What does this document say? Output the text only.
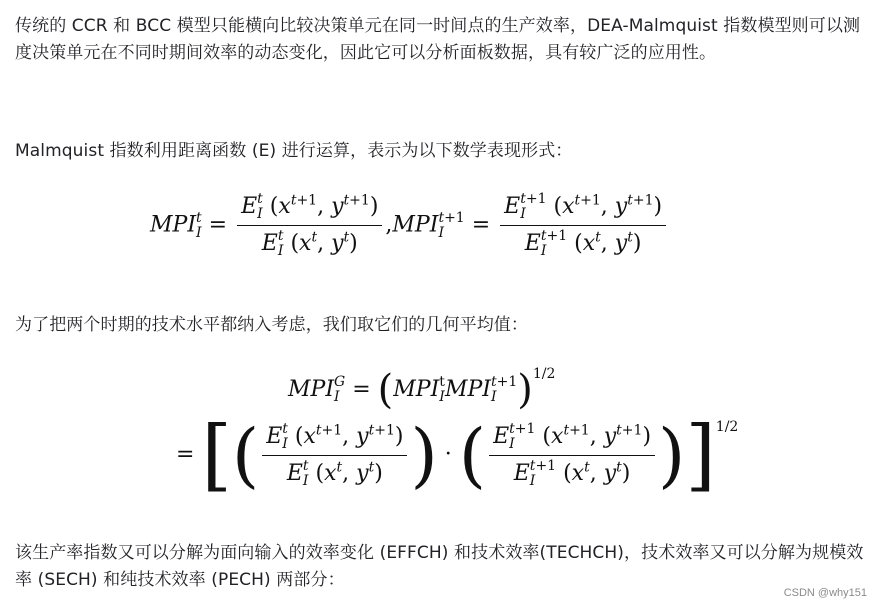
传统的 CCR 和 BCC 模型只能横向比较决策单元在同一时间点的生产效率，DEA-Malmquist 指数模型则可以测度决策单元在不同时期间效率的动态变化，因此它可以分析面板数据，具有较广泛的应用性。

Malmquist 指数利用距离函数 (E) 进行运算，表示为以下数学表现形式：

MPI t
I = E t
I ($x^{t+1}$, $y^{t+1}$)
E t
I ($x^t$, $y^t$) ,MPI t+1
I	= E t+1
I ($x^{t+1}$, $y^{t+1}$)
E t+1
I ($x^t$, $y^t$)

为了把两个时期的技术水平都纳入考虑，我们取它们的几何平均值：

MPI G
I = (MPI t
I MPI t+1
I )$^{1/2}$
= [( E t
I ($x^{t+1}$, $y^{t+1}$)
E t
I ($x^t$, $y^t$) ) · ( E t+1
I ($x^{t+1}$, $y^{t+1}$)
E t+1
I ($x^t$, $y^t$) )]$^{1/2}$

该生产率指数又可以分解为面向输入的效率变化 (EFFCH) 和技术效率(TECHCH)，技术效率又可以分解为规模效率 (SECH) 和纯技术效率 (PECH) 两部分：

CSDN @why151
